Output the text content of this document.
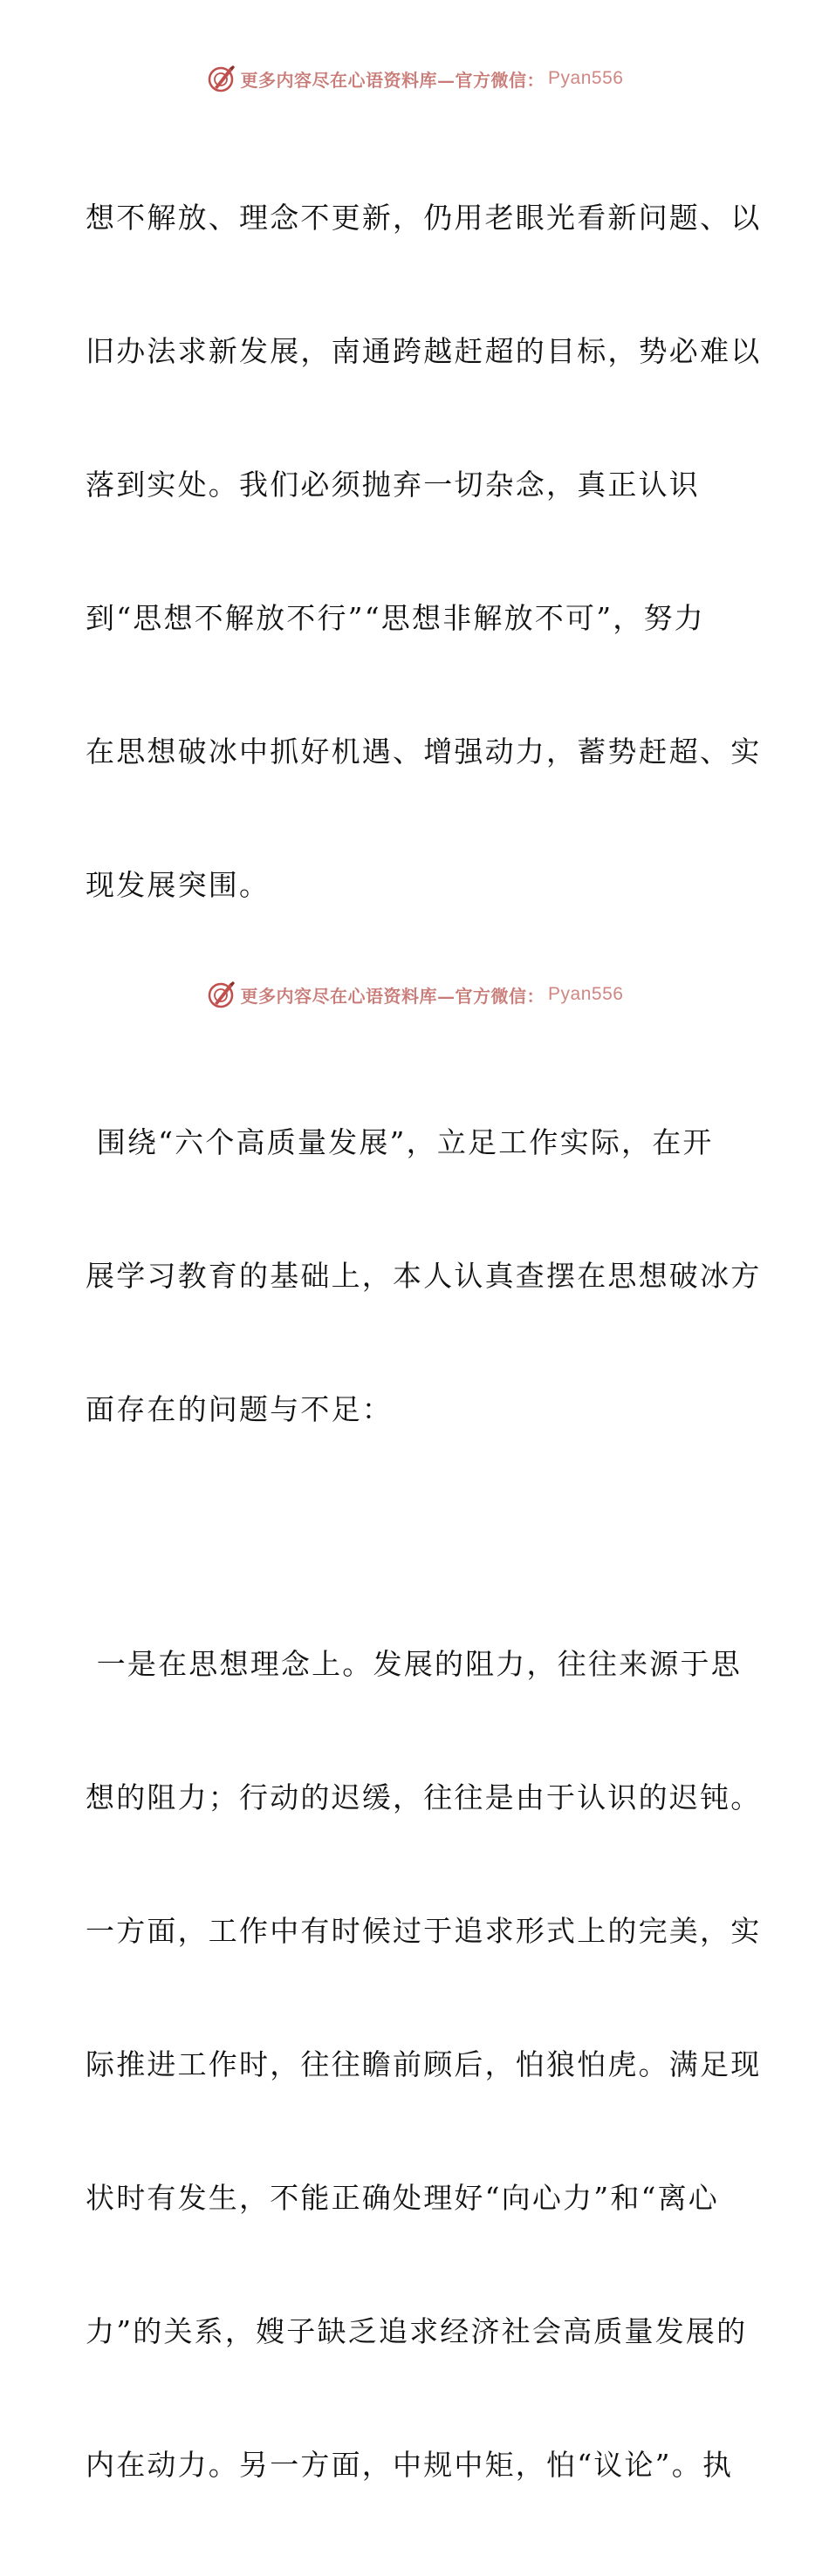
更多内容尽在心语资料库—官方微信： Pyan556

想不解放、理念不更新，仍用老眼光看新问题、以

旧办法求新发展，南通跨越赶超的目标，势必难以

落到实处。我们必须抛弃一切杂念，真正认识

到“思想不解放不行”“思想非解放不可”，努力

在思想破冰中抓好机遇、增强动力，蓄势赶超、实

现发展突围。

围绕“六个高质量发展”，立足工作实际，在开

展学习教育的基础上，本人认真查摆在思想破冰方

面存在的问题与不足：

一是在思想理念上。发展的阻力，往往来源于思

想的阻力；行动的迟缓，往往是由于认识的迟钝。

一方面，工作中有时候过于追求形式上的完美，实

际推进工作时，往往瞻前顾后，怕狼怕虎。满足现

状时有发生，不能正确处理好“向心力”和“离心

力”的关系，嫂子缺乏追求经济社会高质量发展的

内在动力。另一方面，中规中矩，怕“议论”。执

更多内容尽在心语资料库—官方微信： Pyan556
